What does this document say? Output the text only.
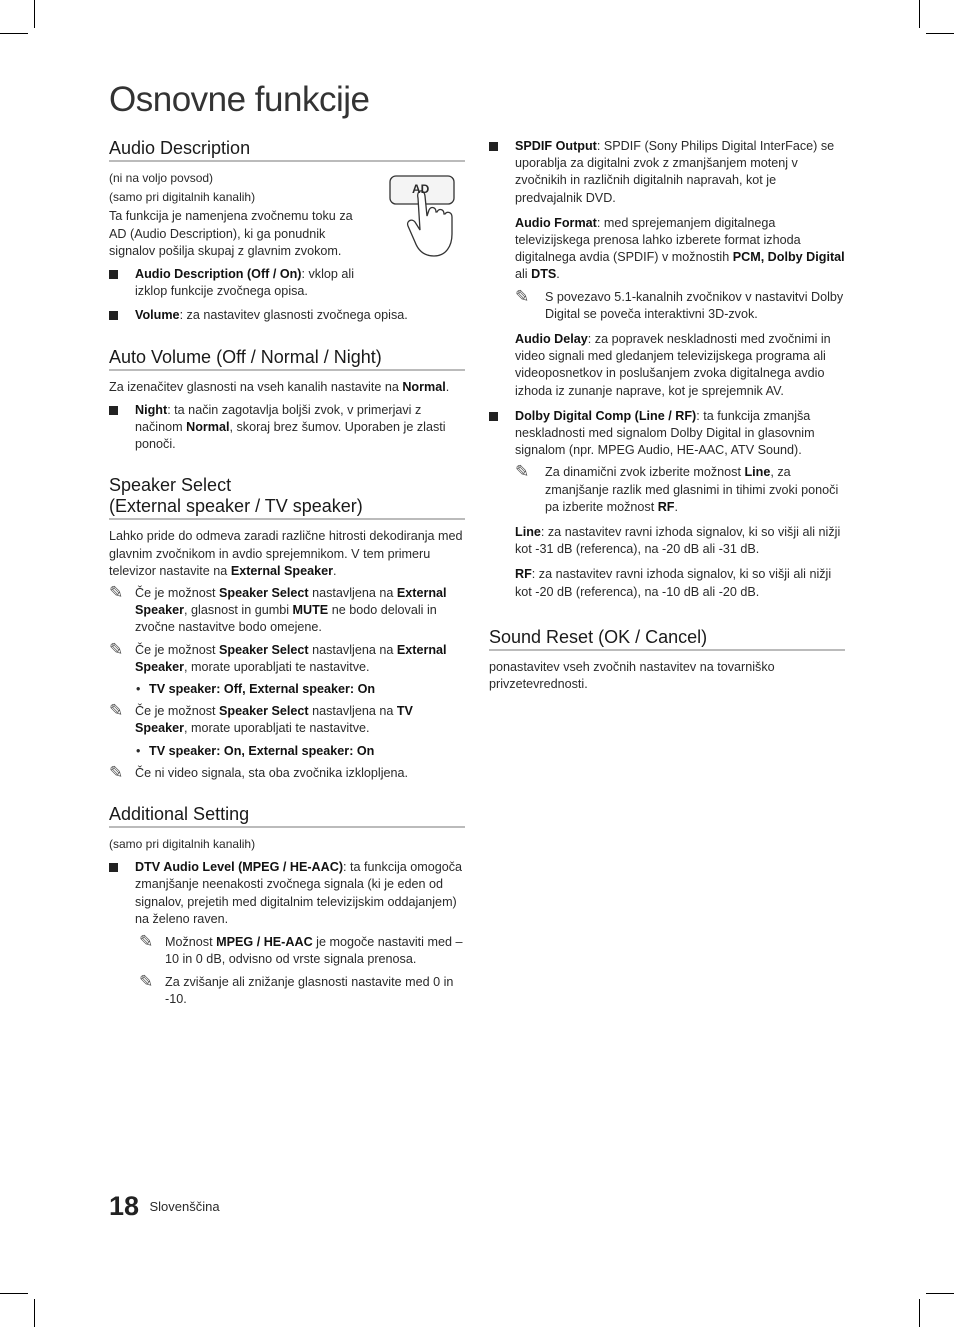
Osnovne funkcije
AD
Audio Description
(ni na voljo povsod)
(samo pri digitalnih kanalih)
Ta funkcija je namenjena zvočnemu toku za AD (Audio Description), ki ga ponudnik signalov pošilja skupaj z glavnim zvokom.
Audio Description (Off / On): vklop ali izklop funkcije zvočnega opisa.
Volume: za nastavitev glasnosti zvočnega opisa.
Auto Volume (Off / Normal / Night)
Za izenačitev glasnosti na vseh kanalih nastavite na Normal.
Night: ta način zagotavlja boljši zvok, v primerjavi z načinom Normal, skoraj brez šumov. Uporaben je zlasti ponoči.
Speaker Select
(External speaker / TV speaker)
Lahko pride do odmeva zaradi različne hitrosti dekodiranja med glavnim zvočnikom in avdio sprejemnikom. V tem primeru televizor nastavite na External Speaker.
✎ Če je možnost Speaker Select nastavljena na External Speaker, glasnost in gumbi MUTE ne bodo delovali in zvočne nastavitve bodo omejene.
✎ Če je možnost Speaker Select nastavljena na External Speaker, morate uporabljati te nastavitve.
• TV speaker: Off, External speaker: On
✎ Če je možnost Speaker Select nastavljena na TV Speaker, morate uporabljati te nastavitve.
• TV speaker: On, External speaker: On
✎ Če ni video signala, sta oba zvočnika izklopljena.
Additional Setting
(samo pri digitalnih kanalih)
DTV Audio Level (MPEG / HE-AAC): ta funkcija omogoča zmanjšanje neenakosti zvočnega signala (ki je eden od signalov, prejetih med digitalnim televizijskim oddajanjem) na želeno raven.
✎ Možnost MPEG / HE-AAC je mogoče nastaviti med –10 in 0 dB, odvisno od vrste signala prenosa.
✎ Za zvišanje ali znižanje glasnosti nastavite med 0 in -10.
SPDIF Output: SPDIF (Sony Philips Digital InterFace) se uporablja za digitalni zvok z zmanjšanjem motenj v zvočnikih in različnih digitalnih napravah, kot je predvajalnik DVD.
Audio Format: med sprejemanjem digitalnega televizijskega prenosa lahko izberete format izhoda digitalnega avdia (SPDIF) v možnostih PCM, Dolby Digital ali DTS.
✎ S povezavo 5.1-kanalnih zvočnikov v nastavitvi Dolby Digital se poveča interaktivni 3D-zvok.
Audio Delay: za popravek neskladnosti med zvočnimi in video signali med gledanjem televizijskega programa ali videoposnetkov in poslušanjem zvoka digitalnega avdio izhoda iz zunanje naprave, kot je sprejemnik AV.
Dolby Digital Comp (Line / RF): ta funkcija zmanjša neskladnosti med signalom Dolby Digital in glasovnim signalom (npr. MPEG Audio, HE-AAC, ATV Sound).
✎ Za dinamični zvok izberite možnost Line, za zmanjšanje razlik med glasnimi in tihimi zvoki ponoči pa izberite možnost RF.
Line: za nastavitev ravni izhoda signalov, ki so višji ali nižji kot -31 dB (referenca), na -20 dB ali -31 dB.
RF: za nastavitev ravni izhoda signalov, ki so višji ali nižji kot -20 dB (referenca), na -10 dB ali -20 dB.
Sound Reset (OK / Cancel)
ponastavitev vseh zvočnih nastavitev na tovarniško privzetevrednosti.
18 Slovenščina
